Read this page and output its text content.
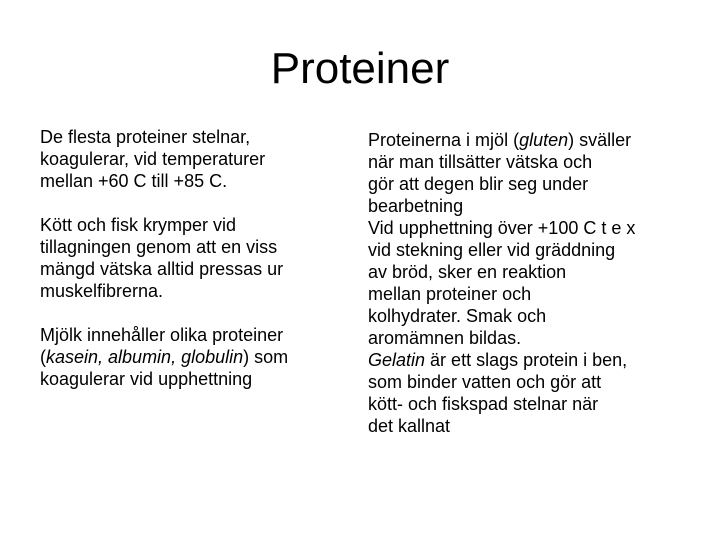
Proteiner
De flesta proteiner stelnar,
koagulerar, vid temperaturer
mellan +60 C till +85 C.
Kött och fisk krymper vid
tillagningen genom att en viss
mängd vätska alltid pressas ur
muskelfibrerna.
Mjölk innehåller olika proteiner
(kasein, albumin, globulin) som
koagulerar vid upphettning
Proteinerna i mjöl (gluten) sväller
när man tillsätter vätska och
gör att degen blir seg under
bearbetning
Vid upphettning över +100 C t e x
vid stekning eller vid gräddning
av bröd, sker en reaktion
mellan proteiner och
kolhydrater. Smak och
aromämnen bildas.
Gelatin är ett slags protein i ben,
som binder vatten och gör att
kött- och fiskspad stelnar när
det kallnat
